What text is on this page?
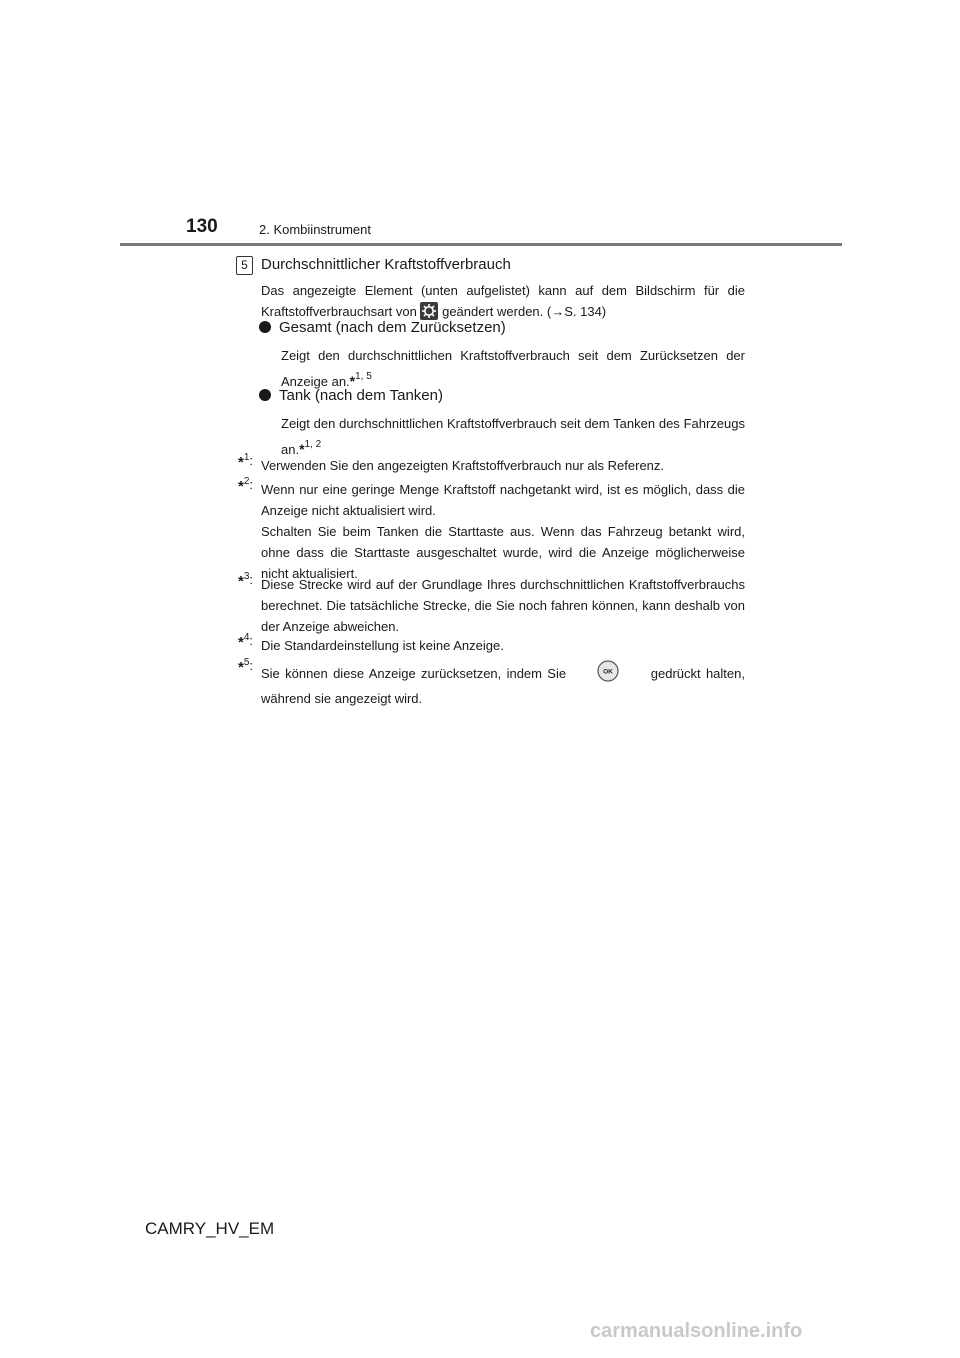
130	2. Kombiinstrument
5 Durchschnittlicher Kraftstoffverbrauch
Das angezeigte Element (unten aufgelistet) kann auf dem Bildschirm für die Kraftstoffverbrauchsart von geändert werden. (→S. 134)
Gesamt (nach dem Zurücksetzen)
Zeigt den durchschnittlichen Kraftstoffverbrauch seit dem Zurücksetzen der Anzeige an.*$^{1, 5}$
Tank (nach dem Tanken)
Zeigt den durchschnittlichen Kraftstoffverbrauch seit dem Tanken des Fahrzeugs an.*$^{1, 2}$
*$^1$: Verwenden Sie den angezeigten Kraftstoffverbrauch nur als Referenz.
*$^2$: Wenn nur eine geringe Menge Kraftstoff nachgetankt wird, ist es möglich, dass die Anzeige nicht aktualisiert wird.

Schalten Sie beim Tanken die Starttaste aus. Wenn das Fahrzeug betankt wird, ohne dass die Starttaste ausgeschaltet wurde, wird die Anzeige möglicherweise nicht aktualisiert.

*$^3$: Diese Strecke wird auf der Grundlage Ihres durchschnittlichen Kraftstoffverbrauchs berechnet. Die tatsächliche Strecke, die Sie noch fahren können, kann deshalb von der Anzeige abweichen.
*$^4$: Die Standardeinstellung ist keine Anzeige.
*$^5$:
Sie können diese Anzeige zurücksetzen, indem Sie	OK	gedrückt halten, während sie angezeigt wird.
CAMRY_HV_EM
carmanualsonline.info
